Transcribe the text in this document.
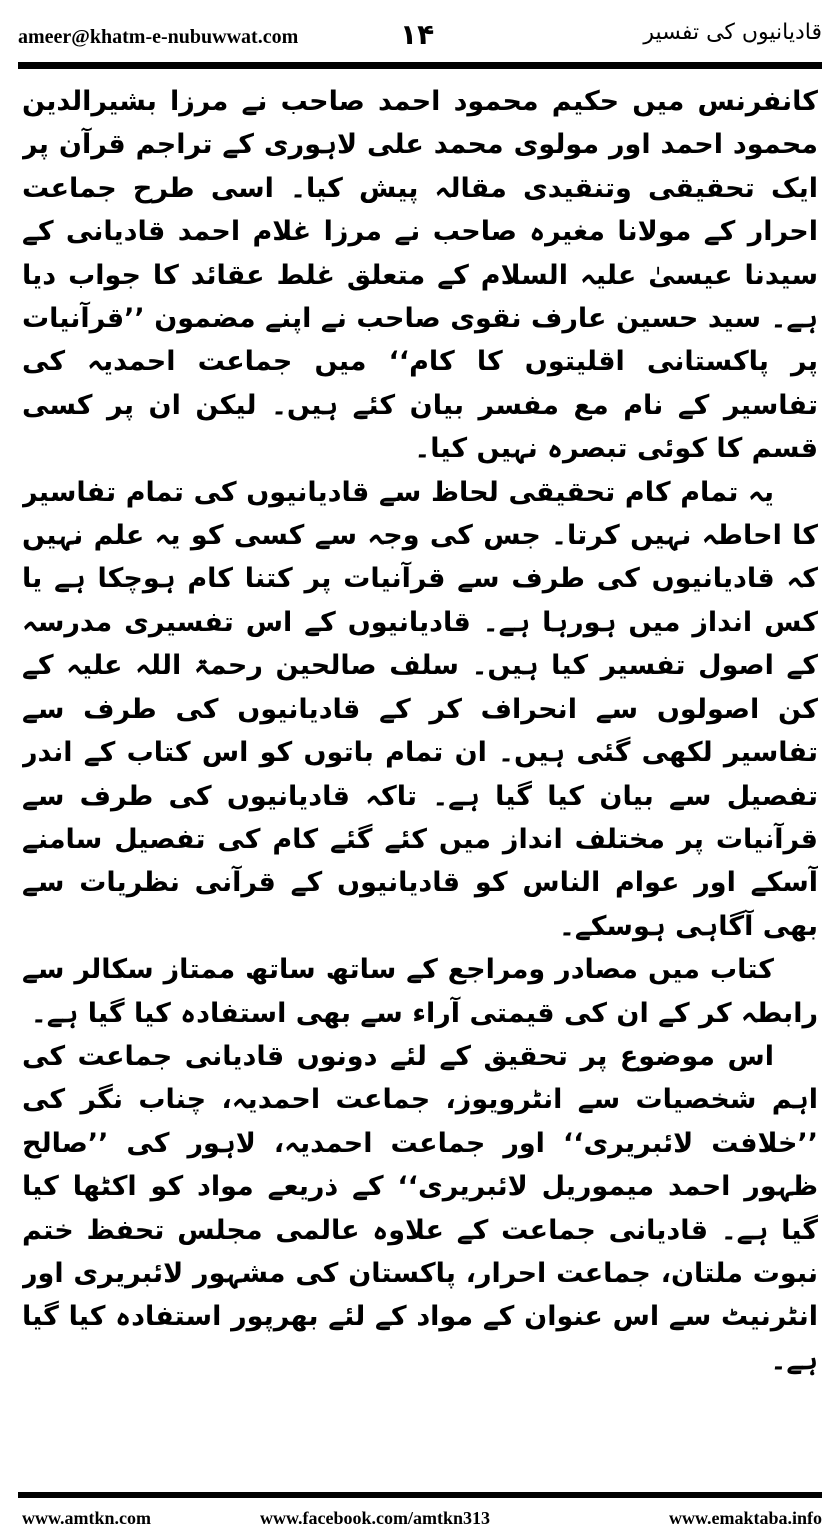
ameer@khatm-e-nubuwwat.com	۱۴	قادیانیوں کی تفسیر

کانفرنس میں حکیم محمود احمد صاحب نے مرزا بشیرالدین محمود احمد اور مولوی محمد علی لاہوری کے تراجم قرآن پر ایک تحقیقی وتنقیدی مقالہ پیش کیا۔ اسی طرح جماعت احرار کے مولانا مغیرہ صاحب نے مرزا غلام احمد قادیانی کے سیدنا عیسیٰ علیہ السلام کے متعلق غلط عقائد کا جواب دیا ہے۔ سید حسین عارف نقوی صاحب نے اپنے مضمون ’’قرآنیات پر پاکستانی اقلیتوں کا کام‘‘ میں جماعت احمدیہ کی تفاسیر کے نام مع مفسر بیان کئے ہیں۔ لیکن ان پر کسی قسم کا کوئی تبصرہ نہیں کیا۔

یہ تمام کام تحقیقی لحاظ سے قادیانیوں کی تمام تفاسیر کا احاطہ نہیں کرتا۔ جس کی وجہ سے کسی کو یہ علم نہیں کہ قادیانیوں کی طرف سے قرآنیات پر کتنا کام ہوچکا ہے یا کس انداز میں ہورہا ہے۔ قادیانیوں کے اس تفسیری مدرسہ کے اصول تفسیر کیا ہیں۔ سلف صالحین رحمۃ اللہ علیہ کے کن اصولوں سے انحراف کر کے قادیانیوں کی طرف سے تفاسیر لکھی گئی ہیں۔ ان تمام باتوں کو اس کتاب کے اندر تفصیل سے بیان کیا گیا ہے۔ تاکہ قادیانیوں کی طرف سے قرآنیات پر مختلف انداز میں کئے گئے کام کی تفصیل سامنے آسکے اور عوام الناس کو قادیانیوں کے قرآنی نظریات سے بھی آگاہی ہوسکے۔

کتاب میں مصادر ومراجع کے ساتھ ساتھ ممتاز سکالر سے رابطہ کر کے ان کی قیمتی آراء سے بھی استفادہ کیا گیا ہے۔

اس موضوع پر تحقیق کے لئے دونوں قادیانی جماعت کی اہم شخصیات سے انٹرویوز، جماعت احمدیہ، چناب نگر کی ’’خلافت لائبریری‘‘ اور جماعت احمدیہ، لاہور کی ’’صالح ظہور احمد میموریل لائبریری‘‘ کے ذریعے مواد کو اکٹھا کیا گیا ہے۔ قادیانی جماعت کے علاوہ عالمی مجلس تحفظ ختم نبوت ملتان، جماعت احرار، پاکستان کی مشہور لائبریری اور انٹرنیٹ سے اس عنوان کے مواد کے لئے بھرپور استفادہ کیا گیا ہے۔

www.amtkn.com	www.facebook.com/amtkn313	www.emaktaba.info
